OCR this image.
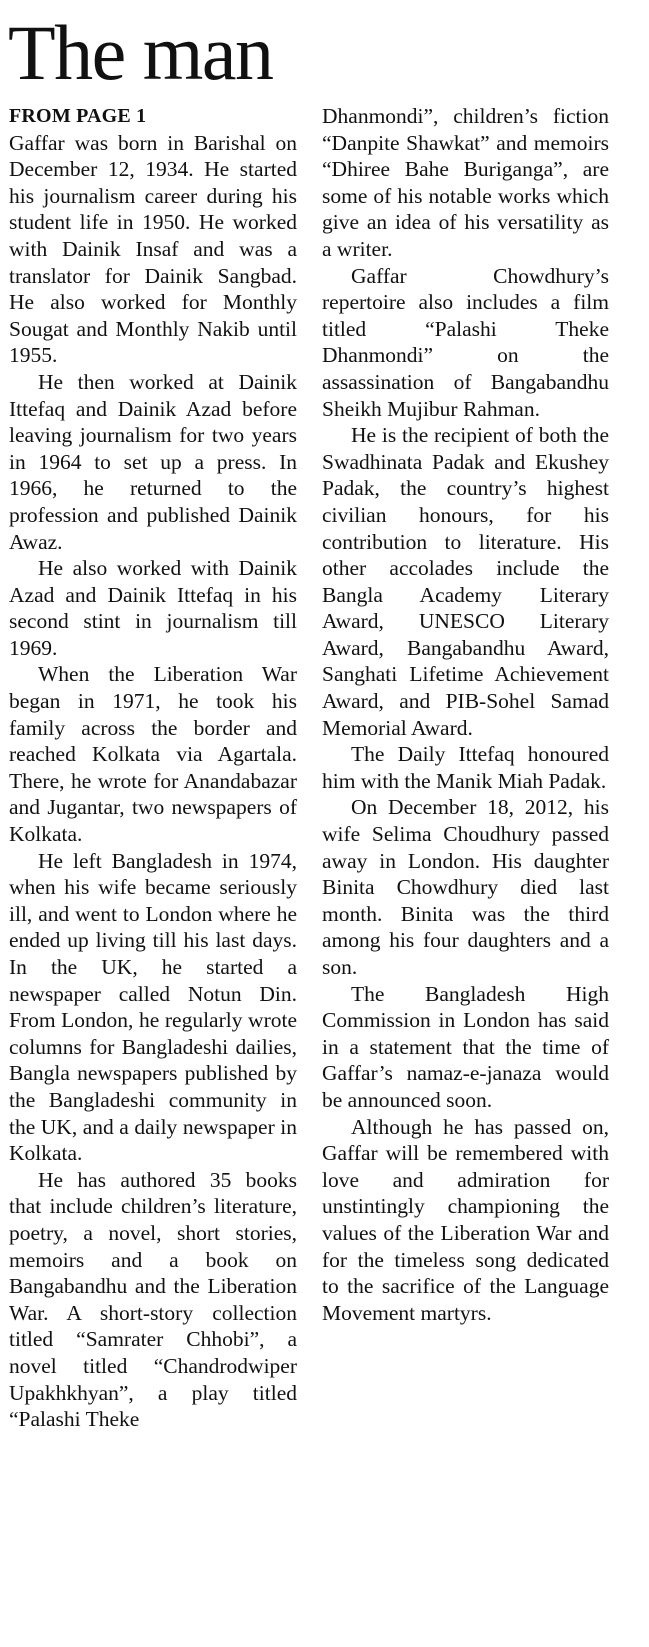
The man
FROM PAGE 1

Gaffar was born in Barishal on December 12, 1934. He started his journalism career during his student life in 1950. He worked with Dainik Insaf and was a translator for Dainik Sangbad. He also worked for Monthly Sougat and Monthly Nakib until 1955.

He then worked at Dainik Ittefaq and Dainik Azad before leaving journalism for two years in 1964 to set up a press. In 1966, he returned to the profession and published Dainik Awaz.

He also worked with Dainik Azad and Dainik Ittefaq in his second stint in journalism till 1969.

When the Liberation War began in 1971, he took his family across the border and reached Kolkata via Agartala. There, he wrote for Anandabazar and Jugantar, two newspapers of Kolkata.

He left Bangladesh in 1974, when his wife became seriously ill, and went to London where he ended up living till his last days. In the UK, he started a newspaper called Notun Din. From London, he regularly wrote columns for Bangladeshi dailies, Bangla newspapers published by the Bangladeshi community in the UK, and a daily newspaper in Kolkata.

He has authored 35 books that include children’s literature, poetry, a novel, short stories, memoirs and a book on Bangabandhu and the Liberation War. A short-story collection titled “Samrater Chhobi”, a novel titled “Chandrodwiper Upakhkhyan”, a play titled “Palashi Theke

Dhanmondi”, children’s fiction “Danpite Shawkat” and memoirs “Dhiree Bahe Buriganga”, are some of his notable works which give an idea of his versatility as a writer.

Gaffar Chowdhury’s repertoire also includes a film titled “Palashi Theke Dhanmondi” on the assassination of Bangabandhu Sheikh Mujibur Rahman.

He is the recipient of both the Swadhinata Padak and Ekushey Padak, the country’s highest civilian honours, for his contribution to literature. His other accolades include the Bangla Academy Literary Award, UNESCO Literary Award, Bangabandhu Award, Sanghati Lifetime Achievement Award, and PIB-Sohel Samad Memorial Award.

The Daily Ittefaq honoured him with the Manik Miah Padak.

On December 18, 2012, his wife Selima Choudhury passed away in London. His daughter Binita Chowdhury died last month. Binita was the third among his four daughters and a son.

The Bangladesh High Commission in London has said in a statement that the time of Gaffar’s namaz-e-janaza would be announced soon.

Although he has passed on, Gaffar will be remembered with love and admiration for unstintingly championing the values of the Liberation War and for the timeless song dedicated to the sacrifice of the Language Movement martyrs.
